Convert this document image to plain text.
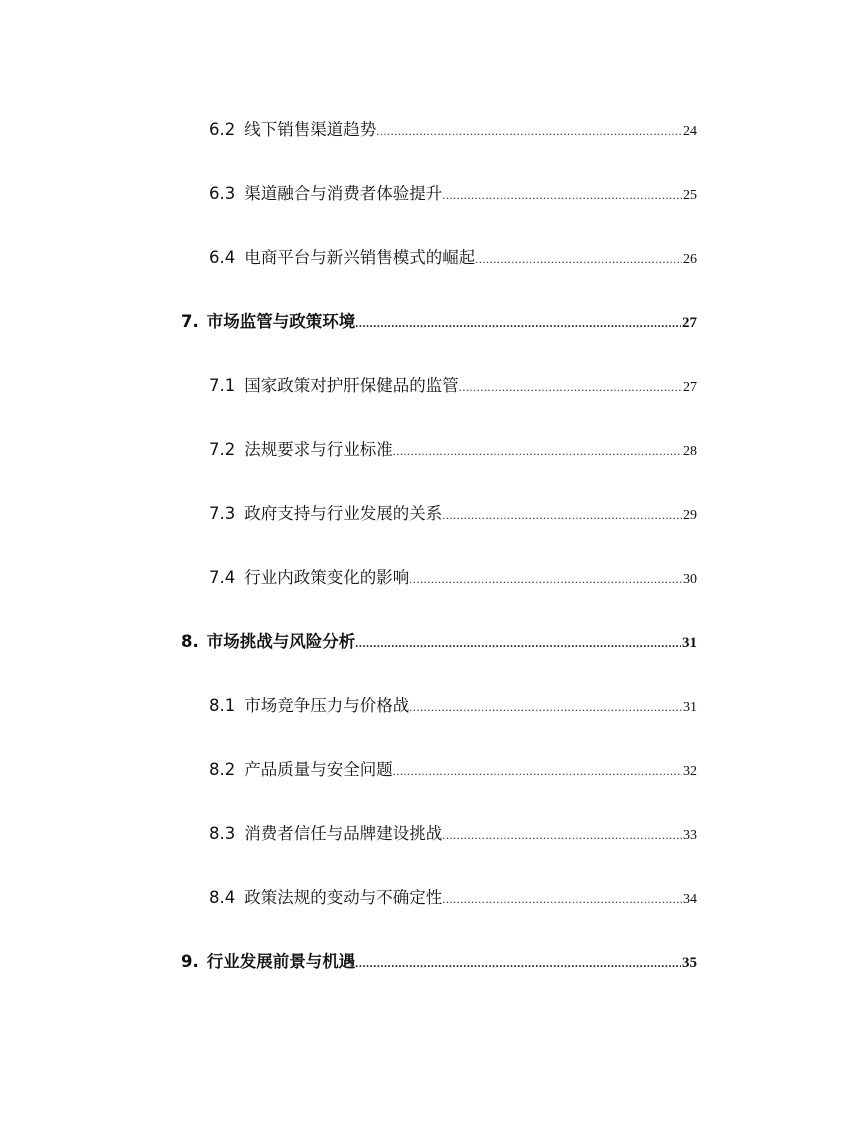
6.2 线下销售渠道趋势 .....	24
6.3 渠道融合与消费者体验提升 .....	25
6.4 电商平台与新兴销售模式的崛起 .....	26
7. 市场监管与政策环境 .....	27
7.1 国家政策对护肝保健品的监管 .....	27
7.2 法规要求与行业标准 .....	28
7.3 政府支持与行业发展的关系 .....	29
7.4 行业内政策变化的影响 .....	30
8. 市场挑战与风险分析 .....	31
8.1 市场竞争压力与价格战 .....	31
8.2 产品质量与安全问题 .....	32
8.3 消费者信任与品牌建设挑战 .....	33
8.4 政策法规的变动与不确定性 .....	34
9. 行业发展前景与机遇 .....	35
